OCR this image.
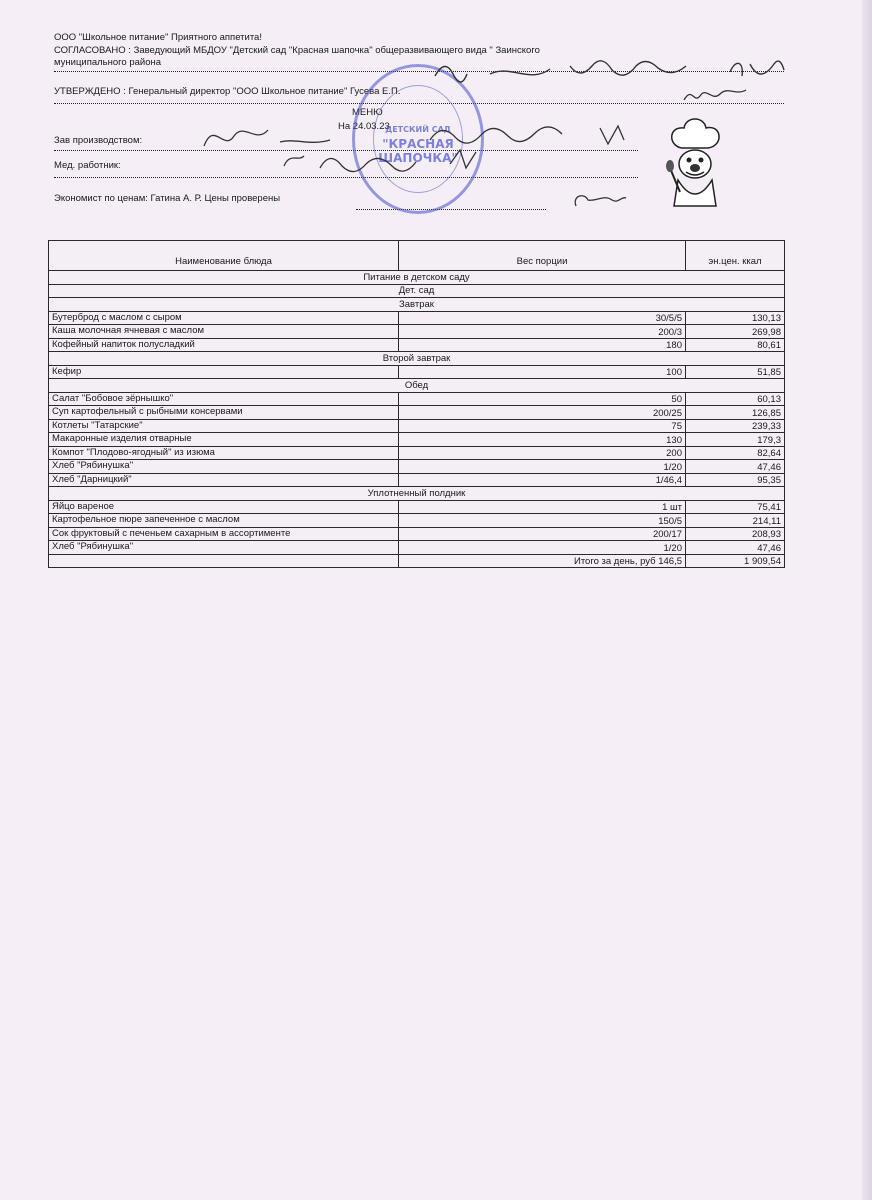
ООО "Школьное питание" Приятного аппетита!
СОГЛАСОВАНО : Заведующий МБДОУ "Детский сад "Красная шапочка" общеразвивающего вида " Заинского
муниципального района
УТВЕРЖДЕНО : Генеральный директор "ООО Школьное питание" Гусева Е.П.
МЕНЮ
На 24.03.23
Зав производством:
Мед. работник:
Экономист по ценам: Гатина А. Р. Цены проверены
ДЕТСКИЙ САД
"КРАСНАЯ
ШАПОЧКА"
Наименование блюда	Вес порции	эн.цен. ккал
Питание в детском саду		
Дет. сад		
Завтрак		
Бутерброд с маслом с сыром	30/5/5	130,13
Каша молочная ячневая с маслом	200/3	269,98
Кофейный напиток полусладкий	180	80,61
Второй завтрак		
Кефир	100	51,85
Обед		
Салат "Бобовое зёрнышко"	50	60,13
Суп картофельный с рыбными консервами	200/25	126,85
Котлеты "Татарские"	75	239,33
Макаронные изделия отварные	130	179,3
Компот "Плодово-ягодный" из изюма	200	82,64
Хлеб "Рябинушка"	1/20	47,46
Хлеб "Дарницкий"	1/46,4	95,35
Уплотненный полдник		
Яйцо вареное	1 шт	75,41
Картофельное пюре запеченное с маслом	150/5	214,11
Сок фруктовый с печеньем сахарным в ассортименте	200/17	208,93
Хлеб "Рябинушка"	1/20	47,46
	Итого за день, руб 146,5	1 909,54
